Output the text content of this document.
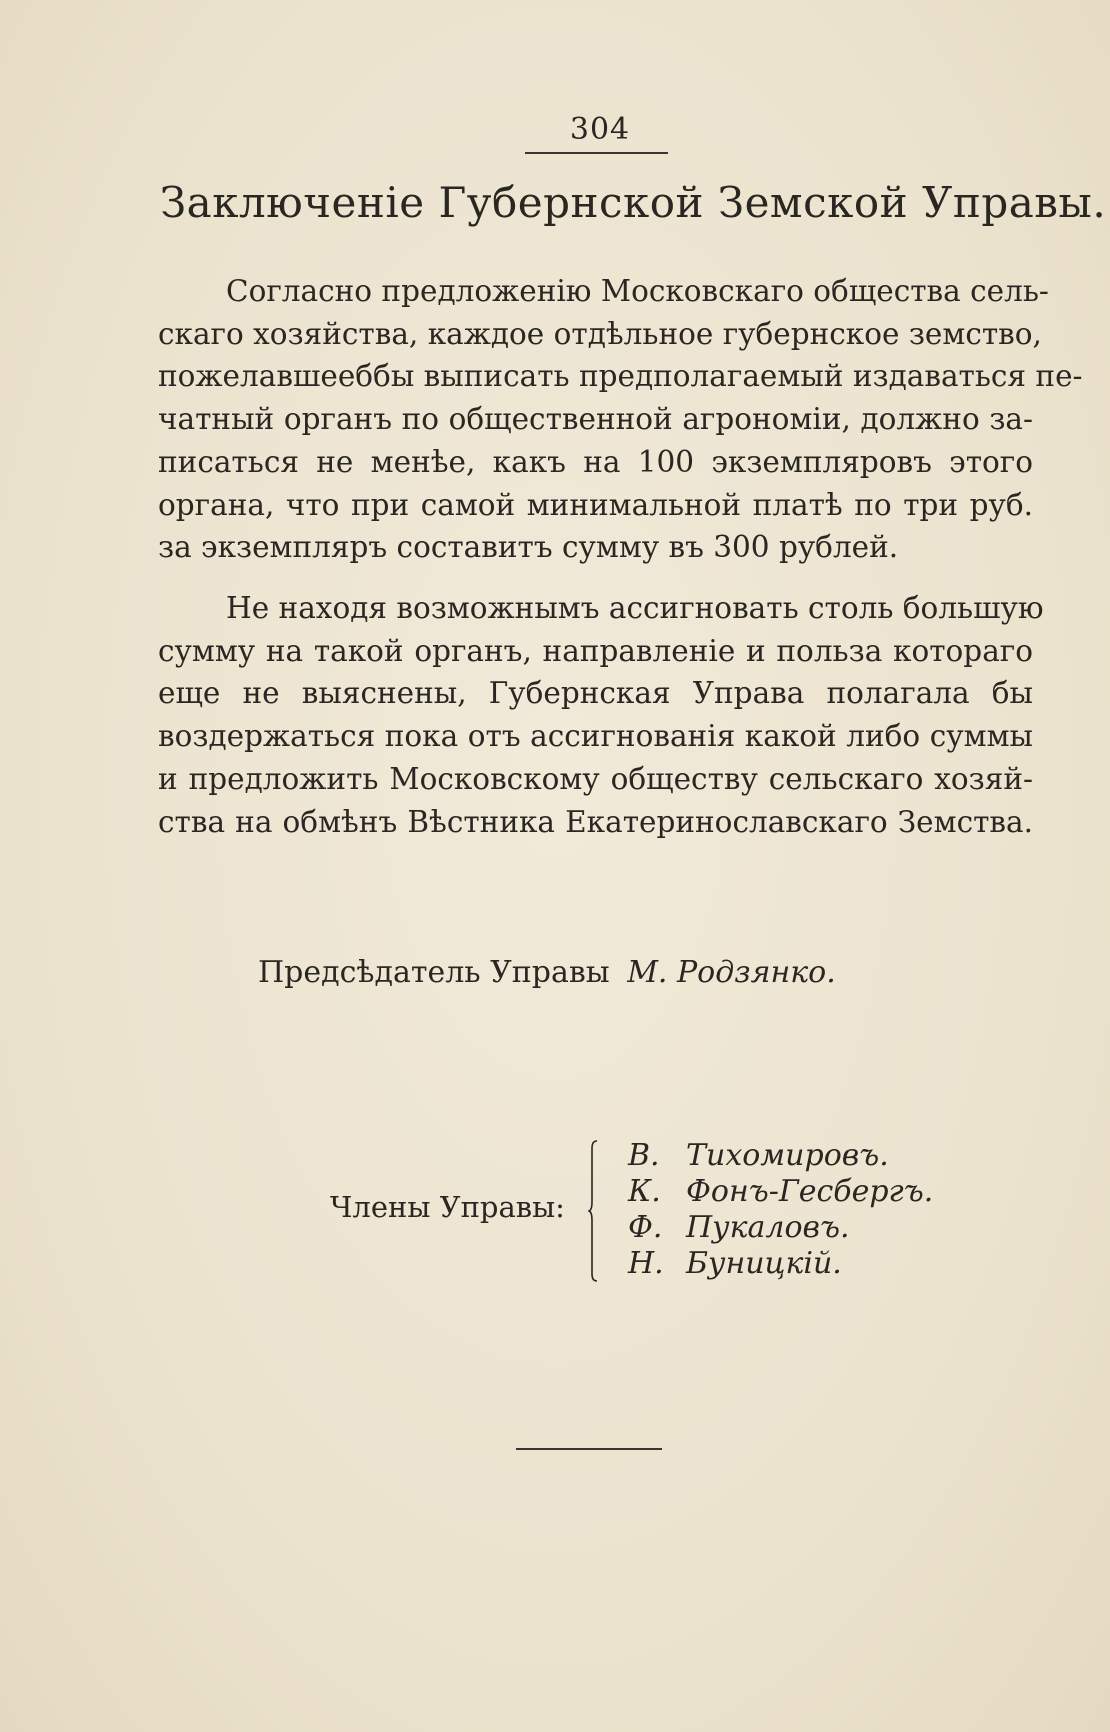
304
Заключеніе Губернской Земской Управы.
Согласно предложенію Московскаго общества сель-
скаго хозяйства, каждое отдѣльное губернское земство,
пожелавшееббы выписать предполагаемый издаваться пе-
чатный органъ по общественной агрономіи, должно за-
писаться не менѣе, какъ на 100 экземпляровъ этого
органа, что при самой минимальной платѣ по три руб.
за экземпляръ составитъ сумму въ 300 рублей.
Не находя возможнымъ ассигновать столь большую
сумму на такой органъ, направленіе и польза котораго
еще не выяснены, Губернская Управа полагала бы
воздержаться пока отъ ассигнованія какой либо суммы
и предложить Московскому обществу сельскаго хозяй-
ства на обмѣнъ Вѣстника Екатеринославскаго Земства.
Предсѣдатель Управы М. Родзянко.
Члены Управы:
В. Тихомировъ.
К. Фонъ-Гесбергъ.
Ф. Пукаловъ.
Н. Буницкій.
